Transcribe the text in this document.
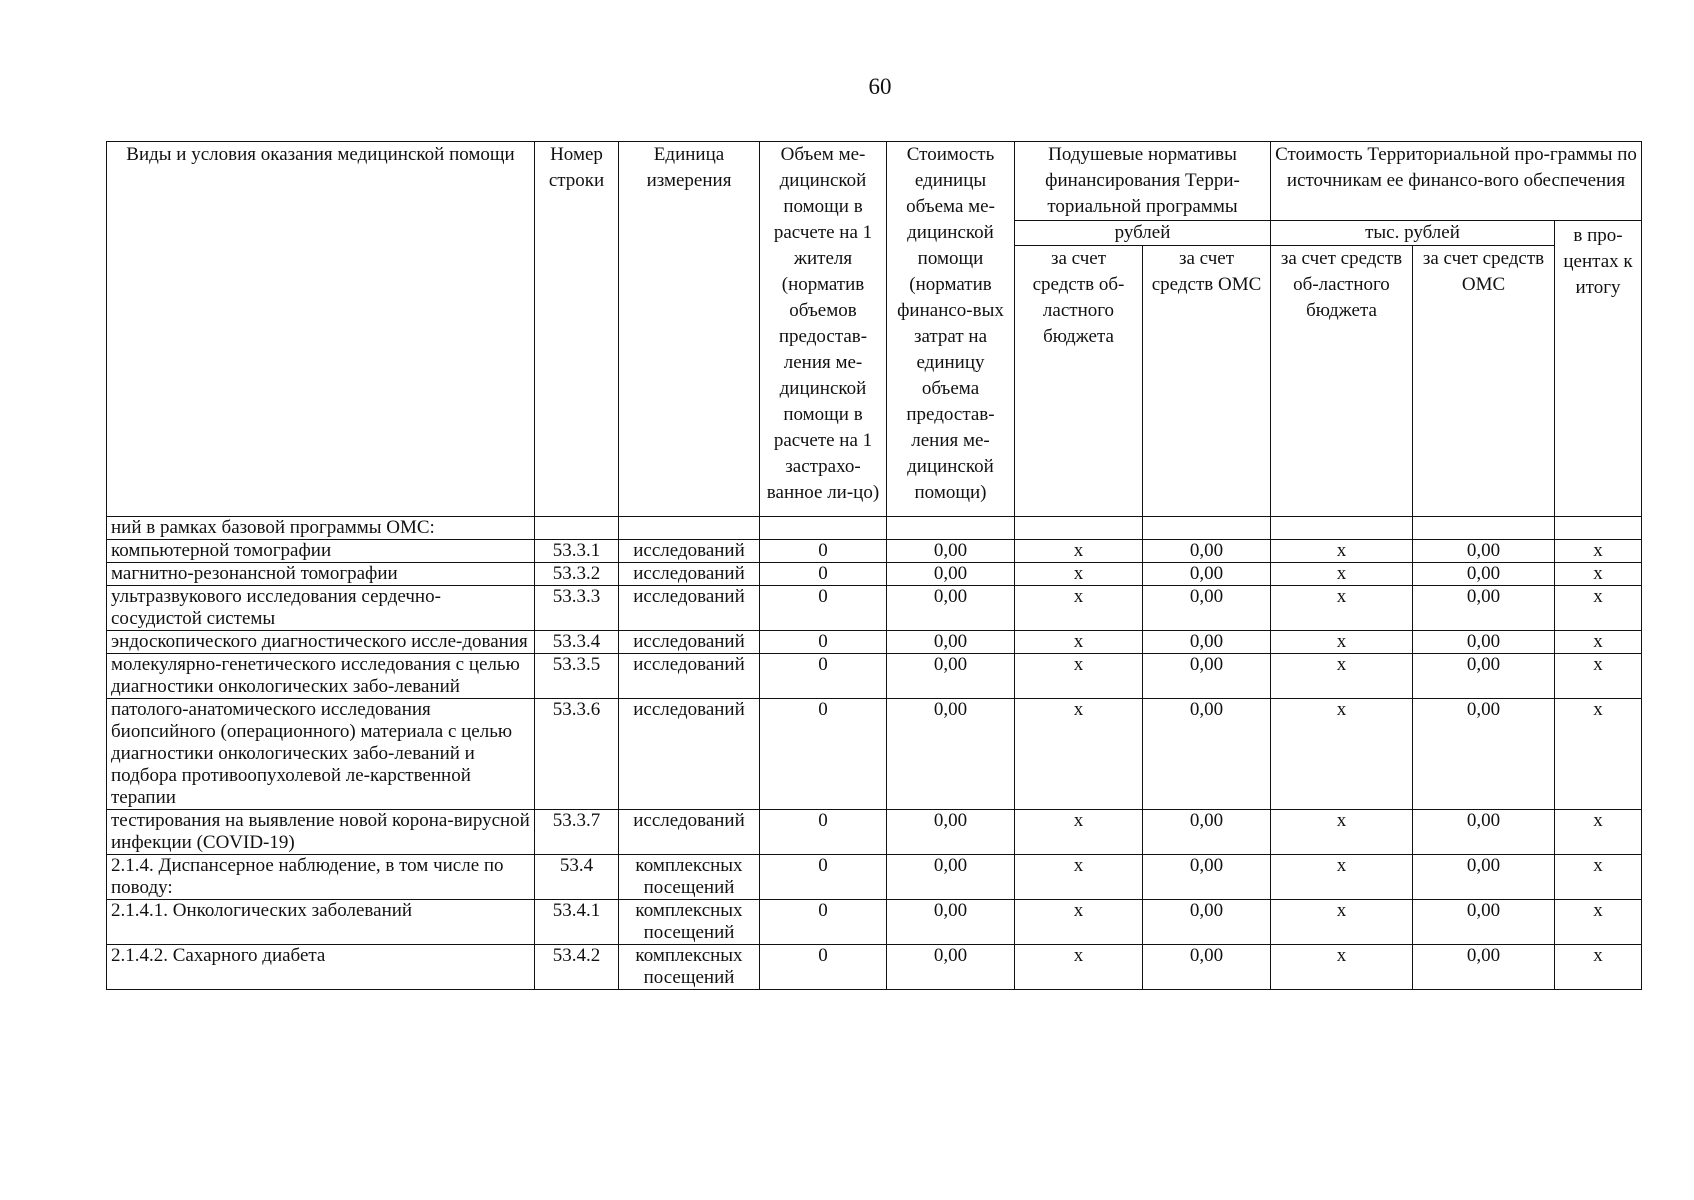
60
Виды и условия оказания медицинской помощи	Номер строки	Единица измерения	Объем ме-дицинской помощи в расчете на 1 жителя (норматив объемов предостав-ления ме-дицинской помощи в расчете на 1 застрахо-ванное ли-цо)	Стоимость единицы объема ме-дицинской помощи (норматив финансо-вых затрат на единицу объема предостав-ления ме-дицинской помощи)	Подушевые нормативы финансирования Терри-ториальной программы		Стоимость Территориальной про-граммы по источникам ее финансо-вого обеспечения		
					рублей		тыс. рублей		в про-центах к итогу
					за счет средств об-ластного бюджета	за счет средств ОМС	за счет средств об-ластного бюджета	за счет средств ОМС	

ний в рамках базовой программы ОМС:									
компьютерной томографии	53.3.1	исследований	0	0,00	х	0,00	х	0,00	х
магнитно-резонансной томографии	53.3.2	исследований	0	0,00	х	0,00	х	0,00	х
ультразвукового исследования сердечно-сосудистой системы	53.3.3	исследований	0	0,00	х	0,00	х	0,00	х
эндоскопического диагностического иссле-дования	53.3.4	исследований	0	0,00	х	0,00	х	0,00	х
молекулярно-генетического исследования с целью диагностики онкологических забо-леваний	53.3.5	исследований	0	0,00	х	0,00	х	0,00	х
патолого-анатомического исследования биопсийного (операционного) материала с целью диагностики онкологических забо-леваний и подбора противоопухолевой ле-карственной терапии	53.3.6	исследований	0	0,00	х	0,00	х	0,00	х
тестирования на выявление новой корона-вирусной инфекции (COVID-19)	53.3.7	исследований	0	0,00	х	0,00	х	0,00	х
2.1.4. Диспансерное наблюдение, в том числе по поводу:	53.4	комплексных посещений	0	0,00	х	0,00	х	0,00	х
2.1.4.1. Онкологических заболеваний	53.4.1	комплексных посещений	0	0,00	х	0,00	х	0,00	х
2.1.4.2. Сахарного диабета	53.4.2	комплексных посещений	0	0,00	х	0,00	х	0,00	х
